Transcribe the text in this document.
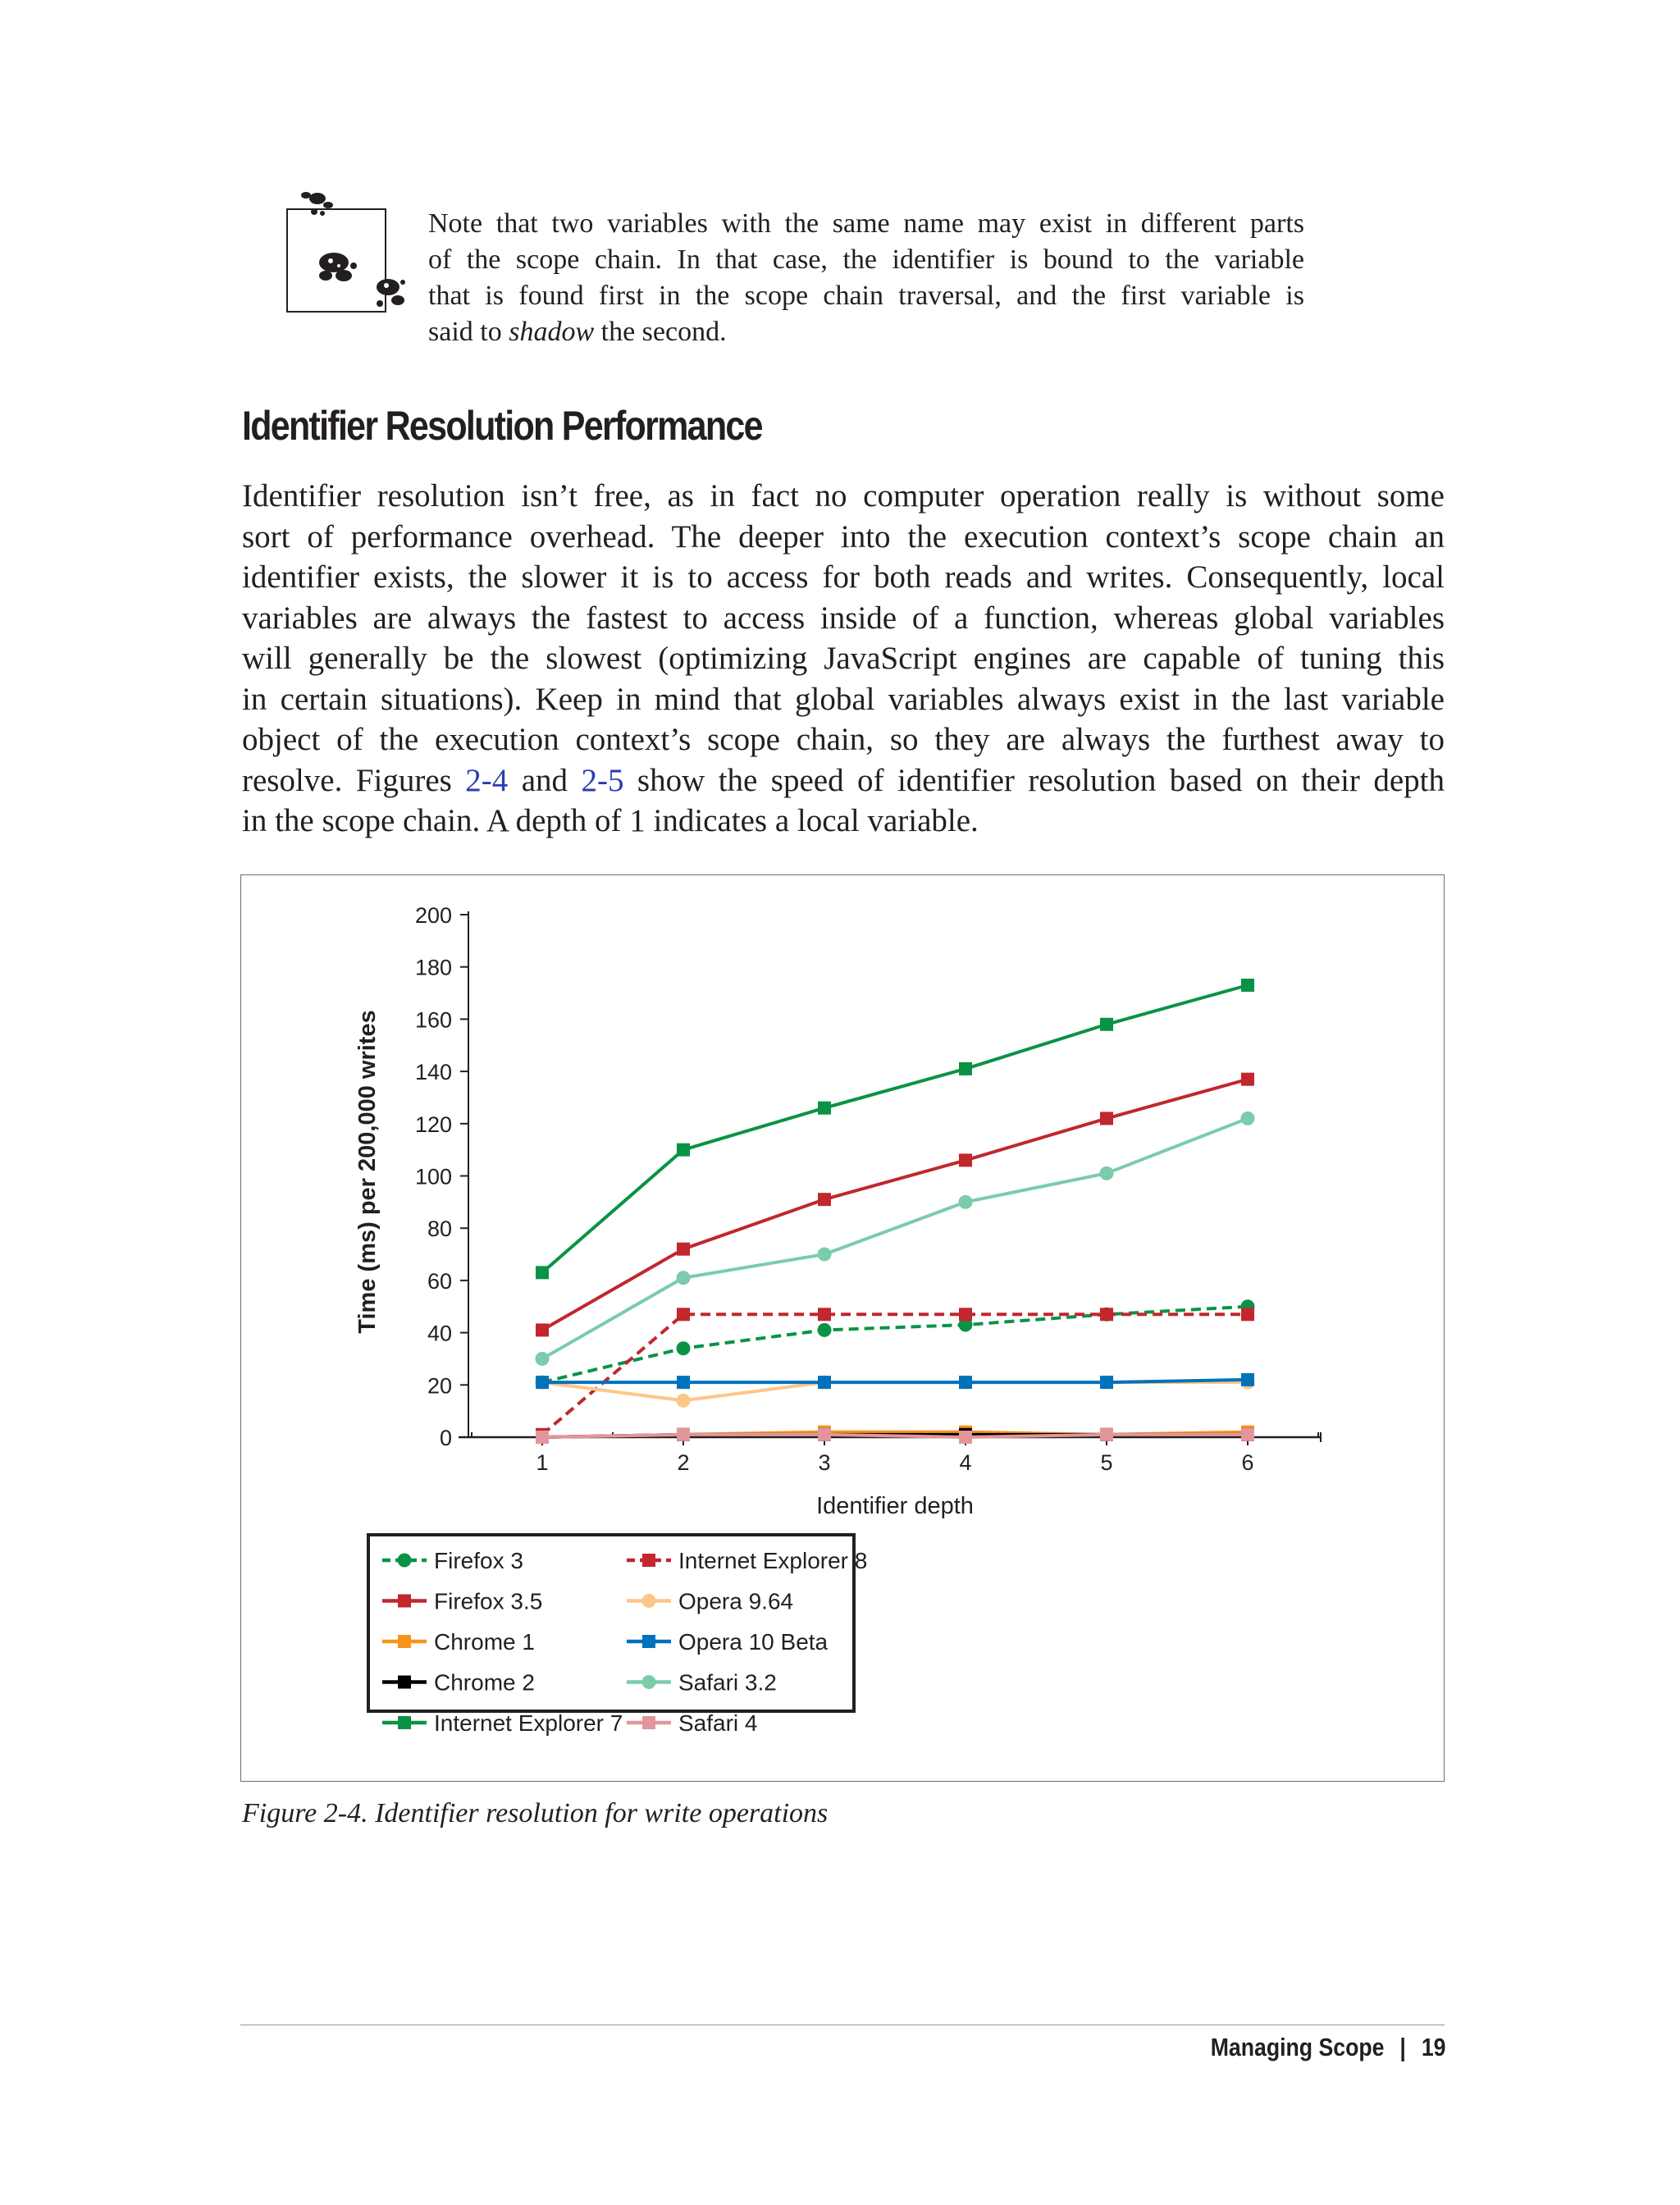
Note that two variables with the same name may exist in different parts
of the scope chain. In that case, the identifier is bound to the variable
that is found first in the scope chain traversal, and the first variable is
said to shadow the second.

Identifier Resolution Performance

Identifier resolution isn’t free, as in fact no computer operation really is without some
sort of performance overhead. The deeper into the execution context’s scope chain an
identifier exists, the slower it is to access for both reads and writes. Consequently, local
variables are always the fastest to access inside of a function, whereas global variables
will generally be the slowest (optimizing JavaScript engines are capable of tuning this
in certain situations). Keep in mind that global variables always exist in the last variable
object of the execution context’s scope chain, so they are always the furthest away to
resolve. Figures 2-4 and 2-5 show the speed of identifier resolution based on their depth
in the scope chain. A depth of 1 indicates a local variable.

0
20
40
60
80
100
120
140
160
180
200
1	2	3	4	5	6
Identifier depth
Time (ms) per 200,000 writes
Firefox 3
Firefox 3.5
Chrome 1
Chrome 2
Internet Explorer 7
Internet Explorer 8
Opera 9.64
Opera 10 Beta
Safari 3.2
Safari 4

Figure 2-4. Identifier resolution for write operations

Managing Scope | 19
